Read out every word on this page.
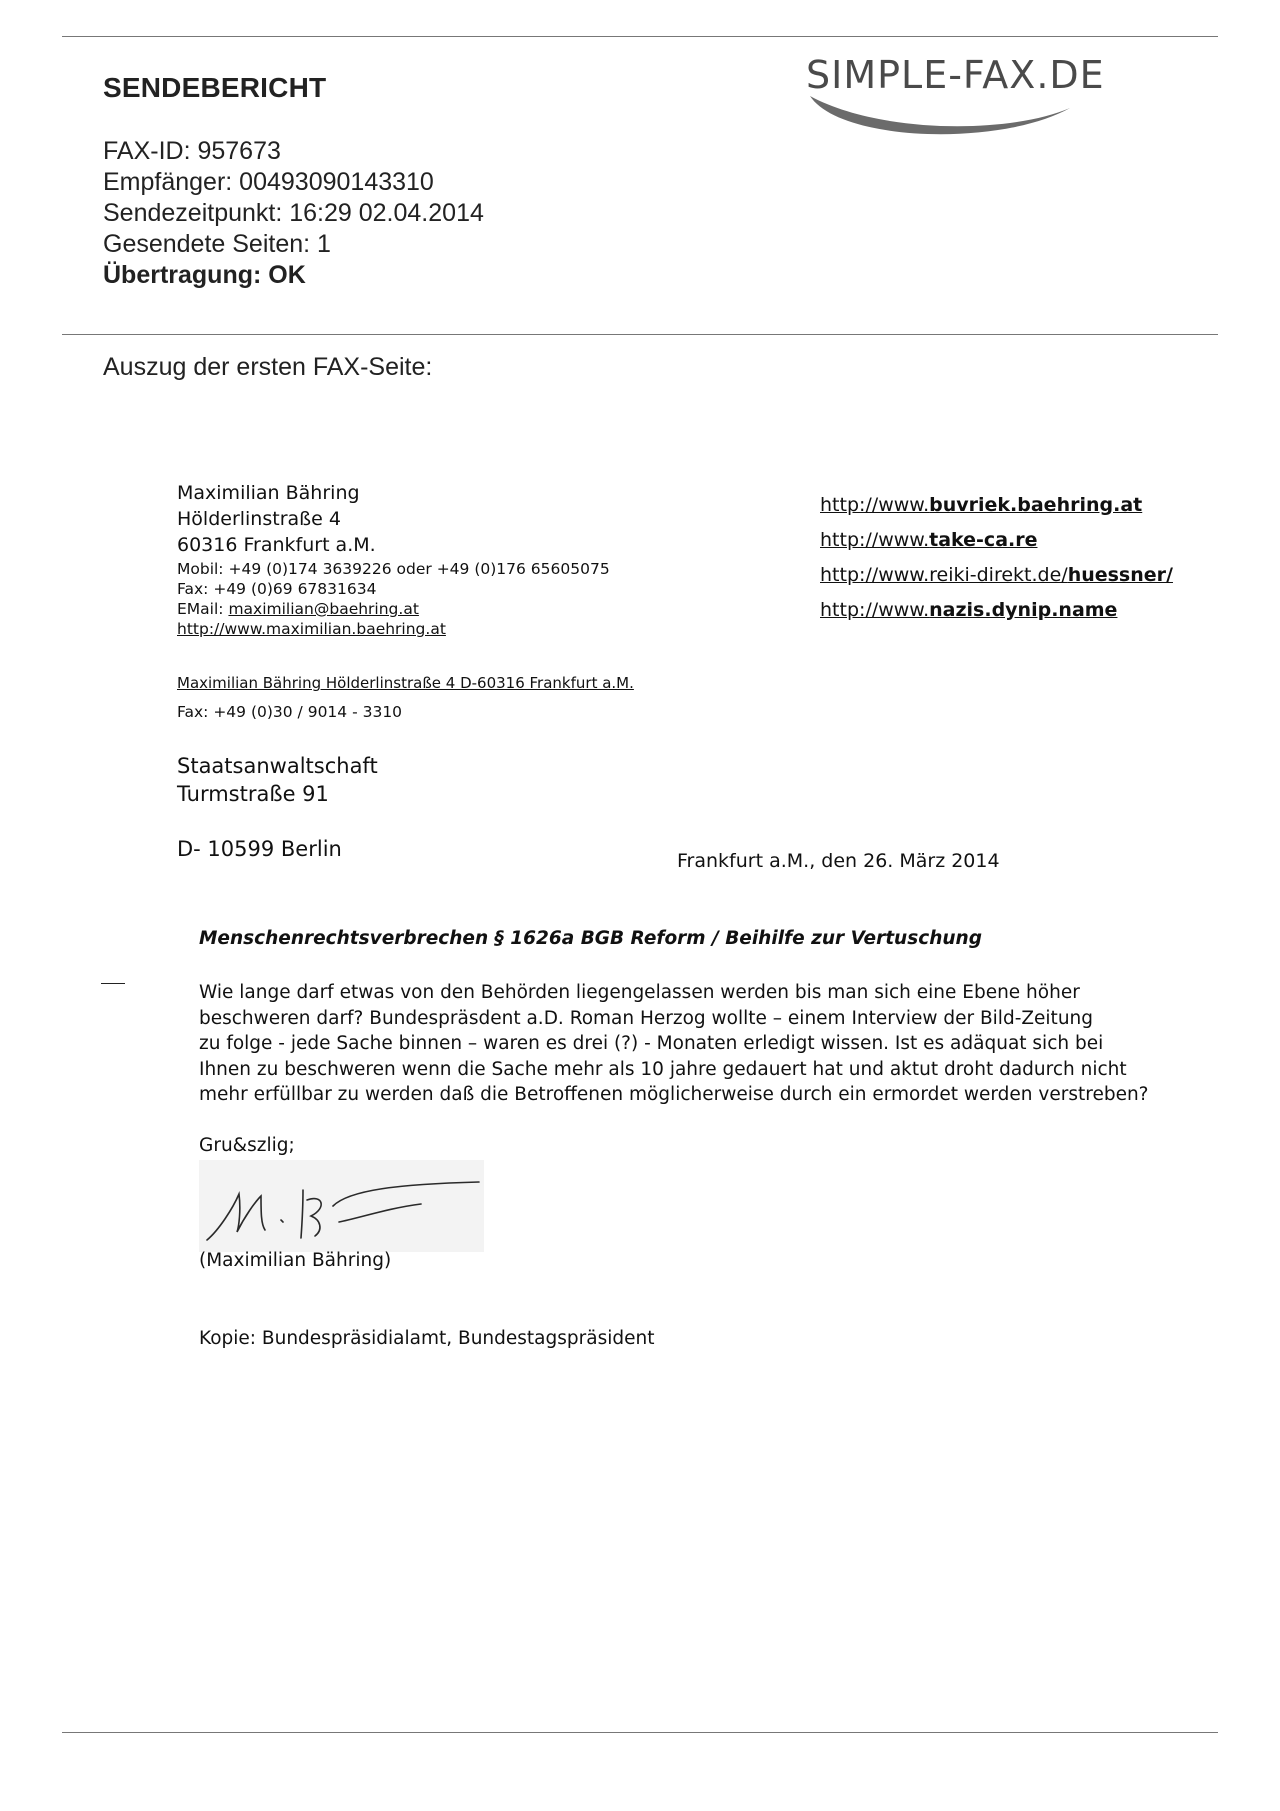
SENDEBERICHT	SIMPLE-FAX.DE
FAX-ID: 957673
Empfänger: 00493090143310
Sendezeitpunkt: 16:29 02.04.2014
Gesendete Seiten: 1
Übertragung: OK
Auszug der ersten FAX-Seite:
Maximilian Bähring
Hölderlinstraße 4
60316 Frankfurt a.M.
Mobil: +49 (0)174 3639226 oder +49 (0)176 65605075
Fax: +49 (0)69 67831634
EMail: maximilian@baehring.at
http://www.maximilian.baehring.at
http://www.buvriek.baehring.at
http://www.take-ca.re
http://www.reiki-direkt.de/huessner/
http://www.nazis.dynip.name
Maximilian Bähring Hölderlinstraße 4 D-60316 Frankfurt a.M.
Fax: +49 (0)30 / 9014 - 3310
Staatsanwaltschaft
Turmstraße 91
D- 10599 Berlin	Frankfurt a.M., den 26. März 2014
Menschenrechtsverbrechen § 1626a BGB Reform / Beihilfe zur Vertuschung
Wie lange darf etwas von den Behörden liegengelassen werden bis man sich eine Ebene höher
beschweren darf? Bundespräsdent a.D. Roman Herzog wollte – einem Interview der Bild-Zeitung
zu folge - jede Sache binnen – waren es drei (?) - Monaten erledigt wissen. Ist es adäquat sich bei
Ihnen zu beschweren wenn die Sache mehr als 10 jahre gedauert hat und aktut droht dadurch nicht
mehr erfüllbar zu werden daß die Betroffenen möglicherweise durch ein ermordet werden verstreben?
Gru&szlig;
(Maximilian Bähring)
Kopie: Bundespräsidialamt, Bundestagspräsident
